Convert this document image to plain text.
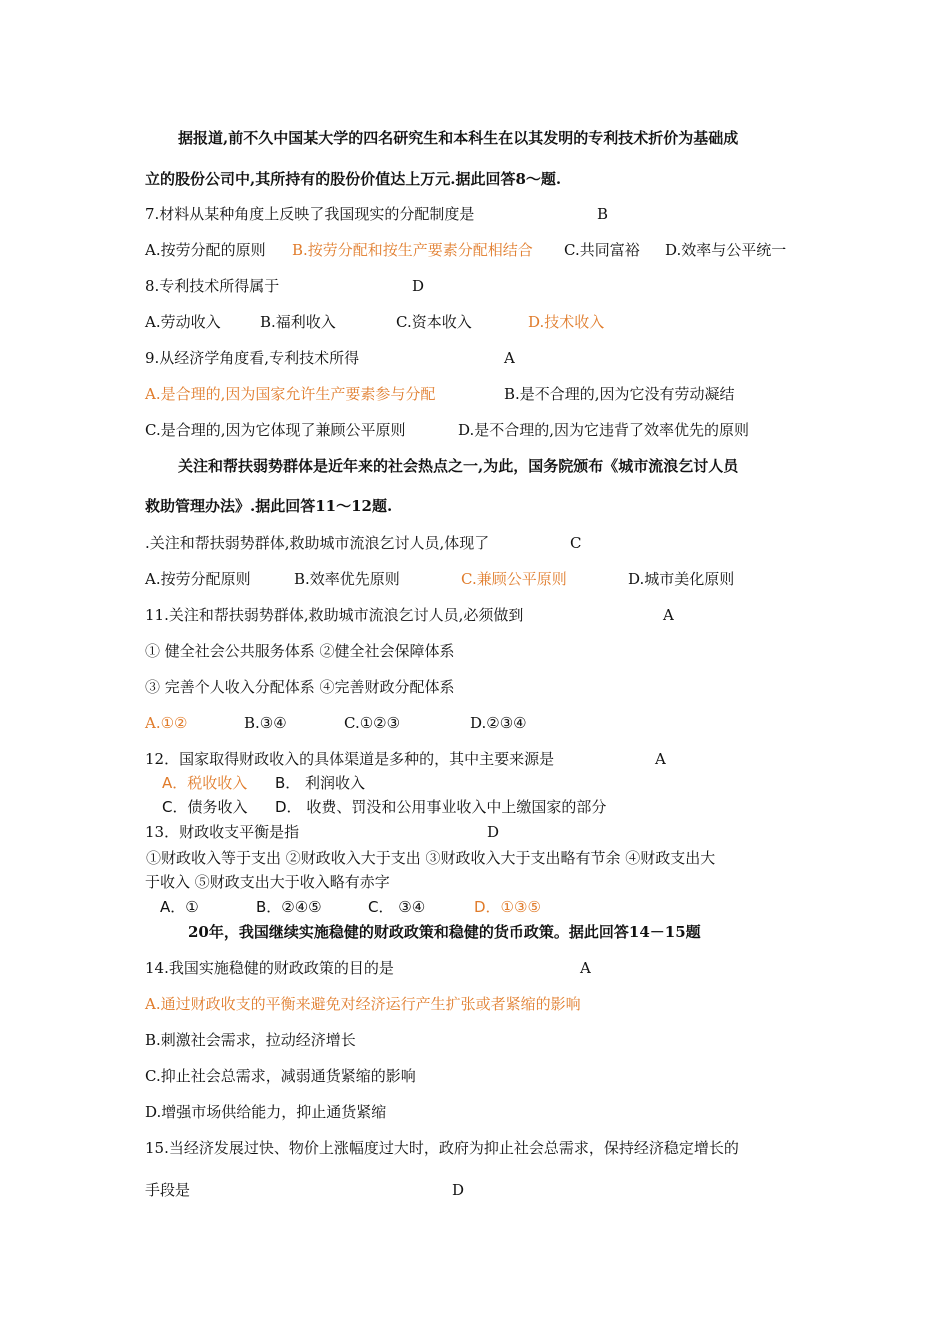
据报道,前不久中国某大学的四名研究生和本科生在以其发明的专利技术折价为基础成
立的股份公司中,其所持有的股份价值达上万元.据此回答8～题.
7.材料从某种角度上反映了我国现实的分配制度是	B
A.按劳分配的原则 B.按劳分配和按生产要素分配相结合 C.共同富裕 D.效率与公平统一
8.专利技术所得属于	D
A.劳动收入	B.福利收入	C.资本收入	D.技术收入
9.从经济学角度看,专利技术所得	A
A.是合理的,因为国家允许生产要素参与分配	B.是不合理的,因为它没有劳动凝结
C.是合理的,因为它体现了兼顾公平原则	D.是不合理的,因为它违背了效率优先的原则
关注和帮扶弱势群体是近年来的社会热点之一,为此，国务院颁布《城市流浪乞讨人员
救助管理办法》.据此回答11～12题.
.关注和帮扶弱势群体,救助城市流浪乞讨人员,体现了	C
A.按劳分配原则	B.效率优先原则	C.兼顾公平原则	D.城市美化原则
11.关注和帮扶弱势群体,救助城市流浪乞讨人员,必须做到	A
① 健全社会公共服务体系 ②健全社会保障体系
③ 完善个人收入分配体系 ④完善财政分配体系
A.①②	B.③④	C.①②③	D.②③④
12．国家取得财政收入的具体渠道是多种的，其中主要来源是	A
A．税收收入 B． 利润收入
C．债务收入 D． 收费、罚没和公用事业收入中上缴国家的部分
13．财政收支平衡是指	D
①财政收入等于支出 ②财政收入大于支出 ③财政收入大于支出略有节余 ④财政支出大
于收入 ⑤财政支出大于收入略有赤字
A．①	B．②④⑤	C． ③④	D．①③⑤
20年，我国继续实施稳健的财政政策和稳健的货币政策。据此回答14－15题
14.我国实施稳健的财政政策的目的是	A
A.通过财政收支的平衡来避免对经济运行产生扩张或者紧缩的影响
B.刺激社会需求，拉动经济增长
C.抑止社会总需求，减弱通货紧缩的影响
D.增强市场供给能力，抑止通货紧缩
15.当经济发展过快、物价上涨幅度过大时，政府为抑止社会总需求，保持经济稳定增长的
手段是	D
